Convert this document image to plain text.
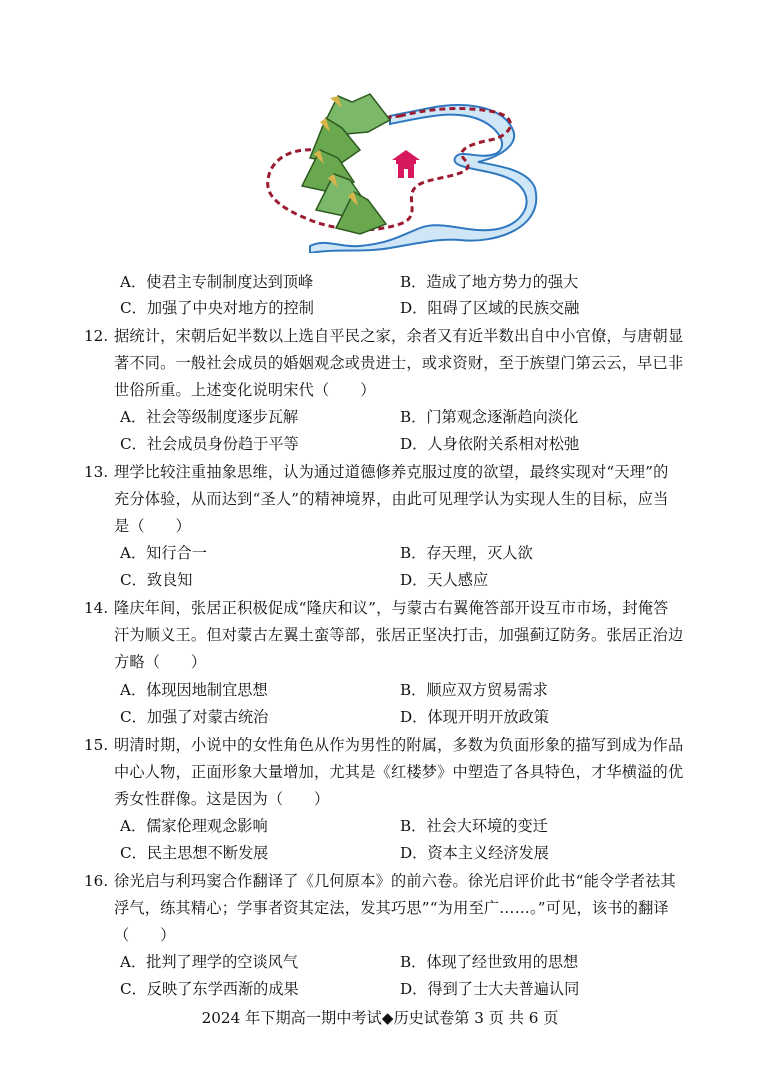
A．使君主专制制度达到顶峰	B．造成了地方势力的强大
C．加强了中央对地方的控制	D．阻碍了区域的民族交融
12. 据统计，宋朝后妃半数以上选自平民之家，余者又有近半数出自中小官僚，与唐朝显
著不同。一般社会成员的婚姻观念或贵进士，或求资财，至于族望门第云云，早已非
世俗所重。上述变化说明宋代（　　）
A．社会等级制度逐步瓦解	B．门第观念逐渐趋向淡化
C．社会成员身份趋于平等	D．人身依附关系相对松弛
13. 理学比较注重抽象思维，认为通过道德修养克服过度的欲望，最终实现对“天理”的
充分体验，从而达到“圣人”的精神境界，由此可见理学认为实现人生的目标，应当
是（　　）
A．知行合一	B．存天理，灭人欲
C．致良知	D．天人感应
14. 隆庆年间，张居正积极促成“隆庆和议”，与蒙古右翼俺答部开设互市市场，封俺答
汗为顺义王。但对蒙古左翼土蛮等部，张居正坚决打击，加强蓟辽防务。张居正治边
方略（　　）
A．体现因地制宜思想	B．顺应双方贸易需求
C．加强了对蒙古统治	D．体现开明开放政策
15. 明清时期，小说中的女性角色从作为男性的附属，多数为负面形象的描写到成为作品
中心人物，正面形象大量增加，尤其是《红楼梦》中塑造了各具特色，才华横溢的优
秀女性群像。这是因为（　　）
A．儒家伦理观念影响	B．社会大环境的变迁
C．民主思想不断发展	D．资本主义经济发展
16. 徐光启与利玛窦合作翻译了《几何原本》的前六卷。徐光启评价此书“能令学者祛其
浮气，练其精心；学事者资其定法，发其巧思”“为用至广……。”可见，该书的翻译
（　　）
A．批判了理学的空谈风气	B．体现了经世致用的思想
C．反映了东学西渐的成果	D．得到了士大夫普遍认同
2024 年下期高一期中考试◆历史试卷第 3 页 共 6 页
